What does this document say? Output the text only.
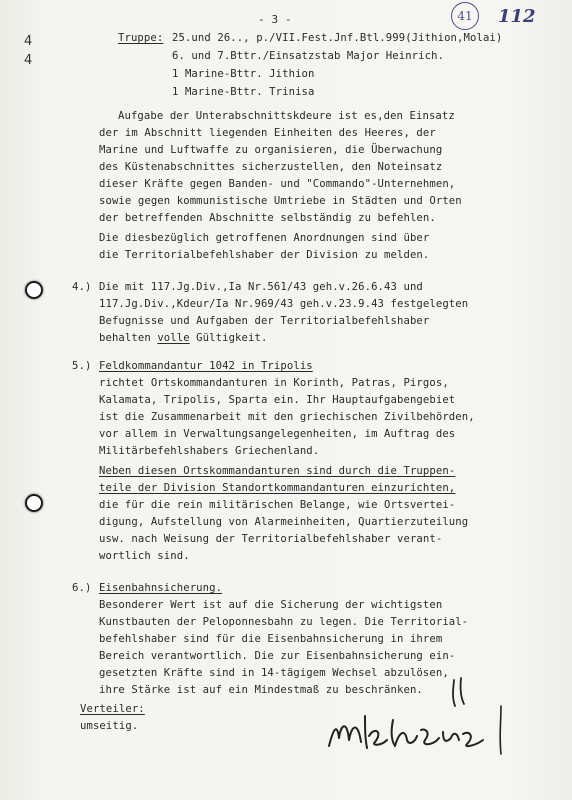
4
4
- 3 -	41	112
Truppe: 25.und 26.., p./VII.Fest.Jnf.Btl.999(Jithion,Molai)
6. und 7.Bttr./Einsatzstab Major Heinrich.
1 Marine-Bttr. Jithion
1 Marine-Bttr. Trinisa
Aufgabe der Unterabschnittskdeure ist es,den Einsatz
der im Abschnitt liegenden Einheiten des Heeres, der
Marine und Luftwaffe zu organisieren, die Überwachung
des Küstenabschnittes sicherzustellen, den Noteinsatz
dieser Kräfte gegen Banden- und "Commando"-Unternehmen,
sowie gegen kommunistische Umtriebe in Städten und Orten
der betreffenden Abschnitte selbständig zu befehlen.
Die diesbezüglich getroffenen Anordnungen sind über
die Territorialbefehlshaber der Division zu melden.
4.) Die mit 117.Jg.Div.,Ia Nr.561/43 geh.v.26.6.43 und
117.Jg.Div.,Kdeur/Ia Nr.969/43 geh.v.23.9.43 festgelegten
Befugnisse und Aufgaben der Territorialbefehlshaber
behalten volle Gültigkeit.
5.) Feldkommandantur 1042 in Tripolis
richtet Ortskommandanturen in Korinth, Patras, Pirgos,
Kalamata, Tripolis, Sparta ein. Ihr Hauptaufgabengebiet
ist die Zusammenarbeit mit den griechischen Zivilbehörden,
vor allem in Verwaltungsangelegenheiten, im Auftrag des
Militärbefehlshabers Griechenland.
Neben diesen Ortskommandanturen sind durch die Truppen-
teile der Division Standortkommandanturen einzurichten,
die für die rein militärischen Belange, wie Ortsvertei-
digung, Aufstellung von Alarmeinheiten, Quartierzuteilung
usw. nach Weisung der Territorialbefehlshaber verant-
wortlich sind.
6.) Eisenbahnsicherung.
Besonderer Wert ist auf die Sicherung der wichtigsten
Kunstbauten der Peloponnesbahn zu legen. Die Territorial-
befehlshaber sind für die Eisenbahnsicherung in ihrem
Bereich verantwortlich. Die zur Eisenbahnsicherung ein-
gesetzten Kräfte sind in 14-tägigem Wechsel abzulösen,
ihre Stärke ist auf ein Mindestmaß zu beschränken.
Verteiler:
umseitig.
